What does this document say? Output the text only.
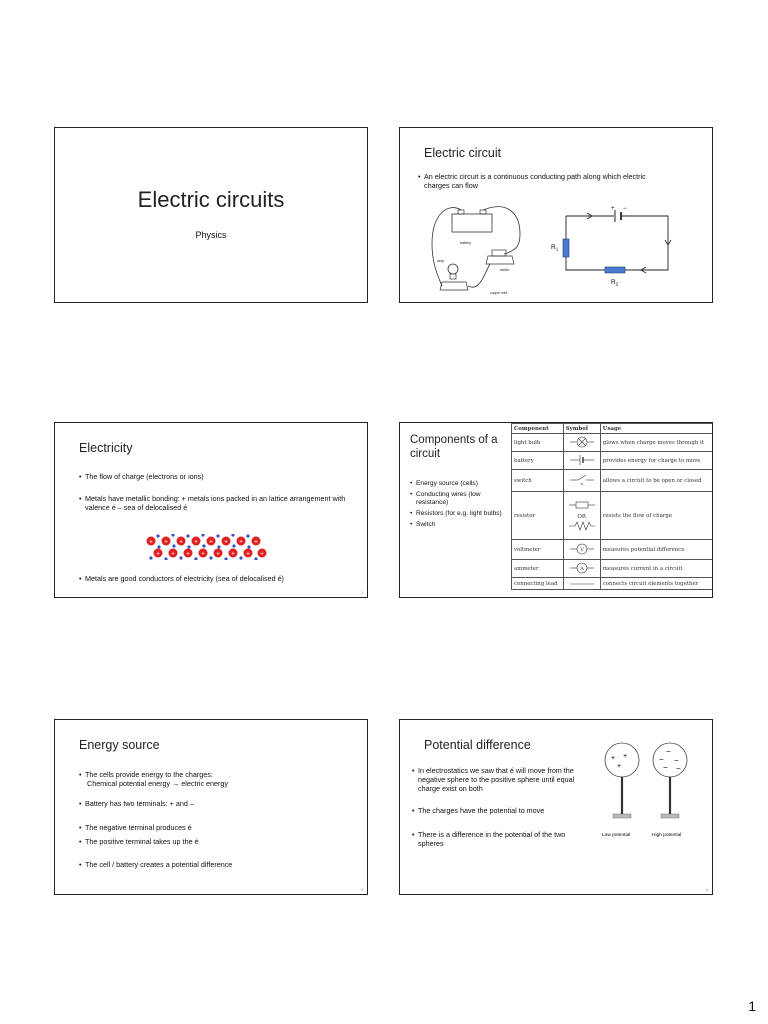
Electric circuits
Physics
Electric circuit
• An electric circuit is a continuous conducting path along which electric charges can flow
battery
lamp
switch
copper wire
+ −
$R_1$
$R_2$
Electricity
• The flow of charge (electrons or ions)
• Metals have metallic bonding: + metals ions packed in an lattice arrangement with valence é – sea of delocalised é
+ + + + + + + +
+ + + + + + + +
• Metals are good conductors of electricity (sea of delocalised é)
3
Components of a circuit
• Energy source (cells)
• Conducting wires (low resistance)
• Resistors (for e.g. light bulbs)
• Switch
Component	Symbol	Usage
light bulb		glows when charge moves through it
battery		provides energy for charge to move
switch		allows a circuit to be open or closed
resistor	OR	resists the flow of charge
voltmeter	V	measures potential difference
ammeter	A	measures current in a circuit
connecting lead		connects circuit elements together
Energy source
• The cells provide energy to the charges:
Chemical potential energy → electric energy
• Battery has two terminals: + and –
• The negative terminal produces é
• The positive terminal takes up the é
• The cell / battery creates a potential difference
5
Potential difference
• In electrostatics we saw that é will move from the negative sphere to the positive sphere until equal charge exist on both
• The charges have the potential to move
• There is a difference in the potential of the two spheres
+ +
+
−
− −
− −
Low potential	High potential
6
1
